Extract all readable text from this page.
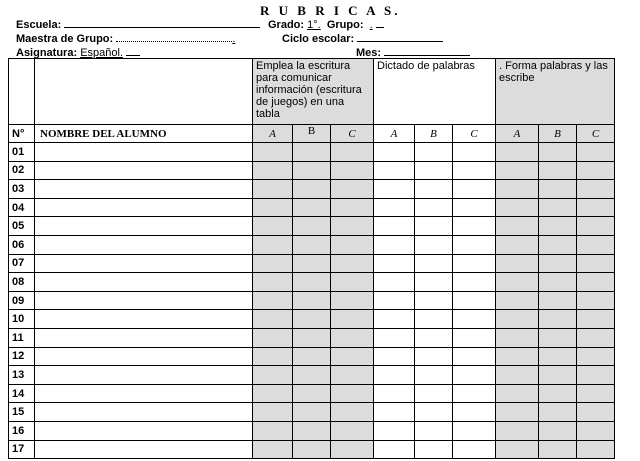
R U B R I C A S.
Escuela:	Grado: 1°. Grupo: .
Maestra de Grupo:	.	Ciclo escolar:
Asignatura: Español.	Mes:
		Emplea la escritura para comunicar información (escritura de juegos) en una tabla			Dictado de palabras			. Forma palabras y las escribe		
N°	NOMBRE DEL ALUMNO	A	B	C	A	B	C	A	B	C
01										
02										
03										
04										
05										
06										
07										
08										
09										
10										
11										
12										
13										
14										
15										
16										
17										
